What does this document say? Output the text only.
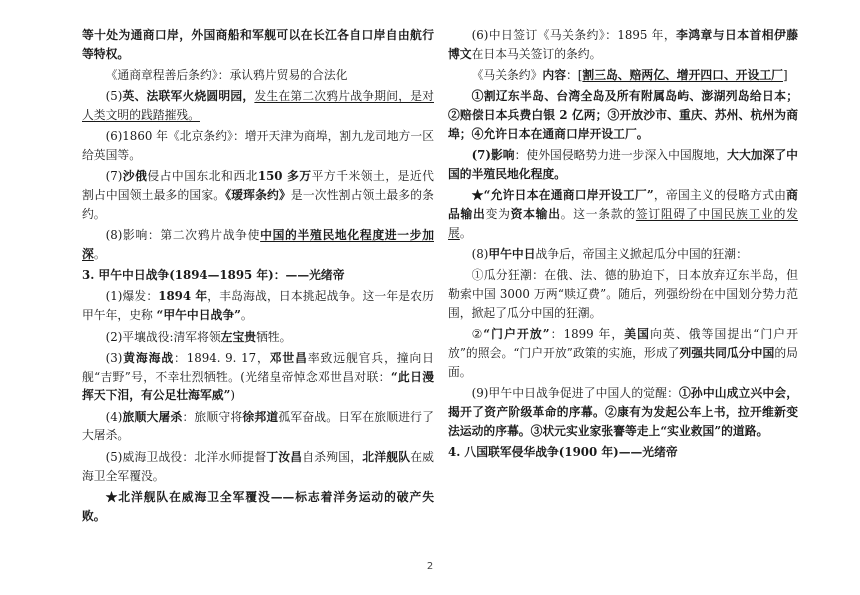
等十处为通商口岸，外国商船和军舰可以在长江各自口岸自由航行等特权。

《通商章程善后条约》：承认鸦片贸易的合法化

(5)英、法联军火烧圆明园，发生在第二次鸦片战争期间，是对人类文明的践踏摧残。

(6)1860 年《北京条约》：增开天津为商埠，割九龙司地方一区给英国等。

(7)沙俄侵占中国东北和西北150 多万平方千米领土，是近代割占中国领土最多的国家。《瑷珲条约》是一次性割占领土最多的条约。

(8)影响：第二次鸦片战争使中国的半殖民地化程度进一步加深。

3. 甲午中日战争(1894—1895 年)：——光绪帝

(1)爆发：1894 年，丰岛海战，日本挑起战争。这一年是农历甲午年，史称 “甲午中日战争”。

(2)平壤战役:清军将领左宝贵牺牲。

(3)黄海海战：1894. 9. 17，邓世昌率致远舰官兵，撞向日舰“吉野”号，不幸壮烈牺牲。(光绪皇帝悼念邓世昌对联：“此日漫挥天下泪，有公足壮海军威”)

(4)旅顺大屠杀：旅顺守将徐邦道孤军奋战。日军在旅顺进行了大屠杀。

(5)威海卫战役：北洋水师提督丁汝昌自杀殉国，北洋舰队在威海卫全军覆没。

★北洋舰队在威海卫全军覆没——标志着洋务运动的破产失败。

(6)中日签订《马关条约》：1895 年，李鸿章与日本首相伊藤博文在日本马关签订的条约。

《马关条约》内容：[割三岛、赔两亿、增开四口、开设工厂]

①割辽东半岛、台湾全岛及所有附属岛屿、澎湖列岛给日本；②赔偿日本兵费白银 2 亿两；③开放沙市、重庆、苏州、杭州为商埠；④允许日本在通商口岸开设工厂。

(7)影响：使外国侵略势力进一步深入中国腹地，大大加深了中国的半殖民地化程度。

★“允许日本在通商口岸开设工厂”，帝国主义的侵略方式由商品输出变为资本输出。这一条款的签订阻碍了中国民族工业的发展。

(8)甲午中日战争后，帝国主义掀起瓜分中国的狂潮：

①瓜分狂潮：在俄、法、德的胁迫下，日本放弃辽东半岛，但勒索中国 3000 万两“赎辽费”。随后，列强纷纷在中国划分势力范围，掀起了瓜分中国的狂潮。

②“门户开放”：1899 年，美国向英、俄等国提出“门户开放”的照会。“门户开放”政策的实施，形成了列强共同瓜分中国的局面。

(9)甲午中日战争促进了中国人的觉醒：①孙中山成立兴中会，揭开了资产阶级革命的序幕。②康有为发起公车上书，拉开维新变法运动的序幕。③状元实业家张謇等走上“实业救国”的道路。

4. 八国联军侵华战争(1900 年)——光绪帝

2
